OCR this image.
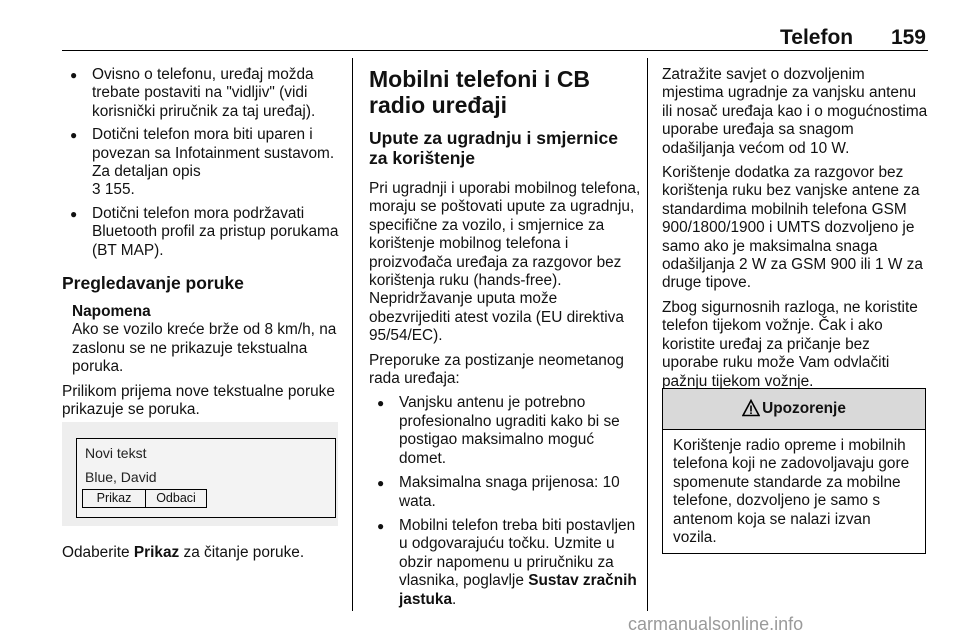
Telefon	159

● Ovisno o telefonu, uređaj možda trebate postaviti na "vidljiv" (vidi korisnički priručnik za taj uređaj).

● Dotični telefon mora biti uparen i povezan sa Infotainment sustavom. Za detaljan opis
3 155.

● Dotični telefon mora podržavati Bluetooth profil za pristup porukama (BT MAP).

Pregledavanje poruke

Napomena

Ako se vozilo kreće brže od 8 km/h, na zaslonu se ne prikazuje tekstualna poruka.

Prilikom prijema nove tekstualne poruke prikazuje se poruka.

Novi tekst
Blue, David
Prikaz	Odbaci

Odaberite Prikaz za čitanje poruke.

Mobilni telefoni i CB radio uređaji
Upute za ugradnju i smjernice za korištenje

Pri ugradnji i uporabi mobilnog telefona, moraju se poštovati upute za ugradnju, specifične za vozilo, i smjernice za korištenje mobilnog telefona i proizvođača uređaja za razgovor bez korištenja ruku (hands-free). Nepridržavanje uputa može obezvrijediti atest vozila (EU direktiva 95/54/EC).

Preporuke za postizanje neometanog rada uređaja:

● Vanjsku antenu je potrebno profesionalno ugraditi kako bi se postigao maksimalno moguć domet.

● Maksimalna snaga prijenosa: 10 wata.

● Mobilni telefon treba biti postavljen u odgovarajuću točku. Uzmite u obzir napomenu u priručniku za vlasnika, poglavlje Sustav zračnih jastuka.

Zatražite savjet o dozvoljenim mjestima ugradnje za vanjsku antenu ili nosač uređaja kao i o mogućnostima uporabe uređaja sa snagom odašiljanja većom od 10 W.

Korištenje dodatka za razgovor bez korištenja ruku bez vanjske antene za standardima mobilnih telefona GSM 900/1800/1900 i UMTS dozvoljeno je samo ako je maksimalna snaga odašiljanja 2 W za GSM 900 ili 1 W za druge tipove.

Zbog sigurnosnih razloga, ne koristite telefon tijekom vožnje. Čak i ako koristite uređaj za pričanje bez uporabe ruku može Vam odvlačiti pažnju tijekom vožnje.

Upozorenje
Korištenje radio opreme i mobilnih telefona koji ne zadovoljavaju gore spomenute standarde za mobilne telefone, dozvoljeno je samo s antenom koja se nalazi izvan vozila.
carmanualsonline.info
